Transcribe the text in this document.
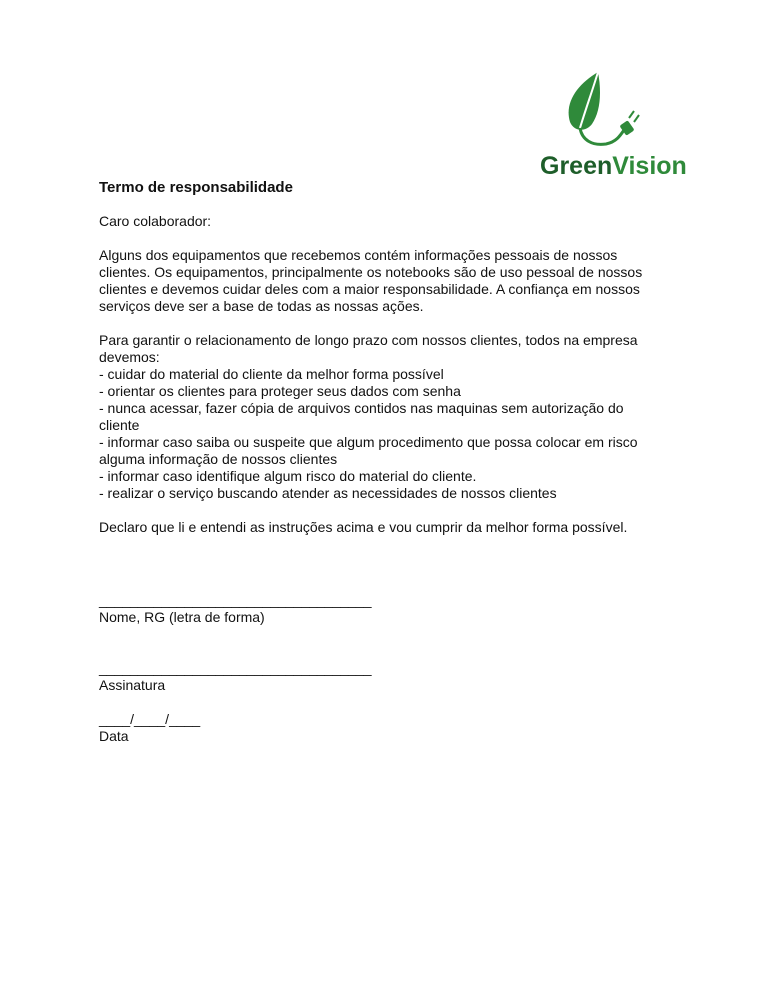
GreenVision
Termo de responsabilidade

Caro colaborador:

Alguns dos equipamentos que recebemos contém informações pessoais de nossos

clientes. Os equipamentos, principalmente os notebooks são de uso pessoal de nossos

clientes e devemos cuidar deles com a maior responsabilidade. A confiança em nossos

serviços deve ser a base de todas as nossas ações.

Para garantir o relacionamento de longo prazo com nossos clientes, todos na empresa

devemos:

- cuidar do material do cliente da melhor forma possível

- orientar os clientes para proteger seus dados com senha

- nunca acessar, fazer cópia de arquivos contidos nas maquinas sem autorização do

cliente

- informar caso saiba ou suspeite que algum procedimento que possa colocar em risco

alguma informação de nossos clientes

- informar caso identifique algum risco do material do cliente.

- realizar o serviço buscando atender as necessidades de nossos clientes

Declaro que li e entendi as instruções acima e vou cumprir da melhor forma possível.

___________________________________

Nome, RG (letra de forma)

___________________________________

Assinatura

____/____/____

Data
